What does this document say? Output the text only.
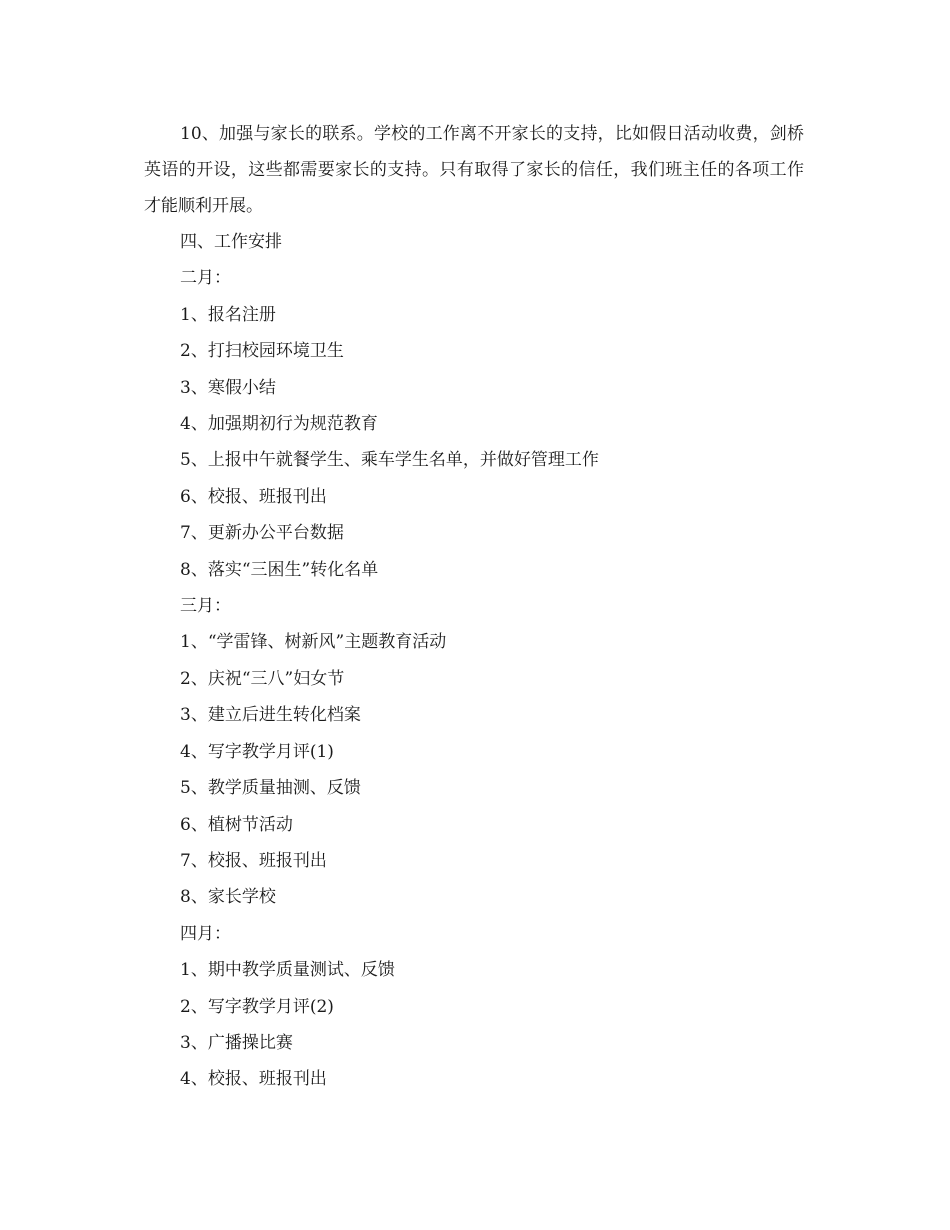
10、加强与家长的联系。学校的工作离不开家长的支持，比如假日活动收费，剑桥英语的开设，这些都需要家长的支持。只有取得了家长的信任，我们班主任的各项工作才能顺利开展。

四、工作安排

二月：

1、报名注册

2、打扫校园环境卫生

3、寒假小结

4、加强期初行为规范教育

5、上报中午就餐学生、乘车学生名单，并做好管理工作

6、校报、班报刊出

7、更新办公平台数据

8、落实“三困生”转化名单

三月：

1、“学雷锋、树新风”主题教育活动

2、庆祝“三八”妇女节

3、建立后进生转化档案

4、写字教学月评(1)

5、教学质量抽测、反馈

6、植树节活动

7、校报、班报刊出

8、家长学校

四月：

1、期中教学质量测试、反馈

2、写字教学月评(2)

3、广播操比赛

4、校报、班报刊出
